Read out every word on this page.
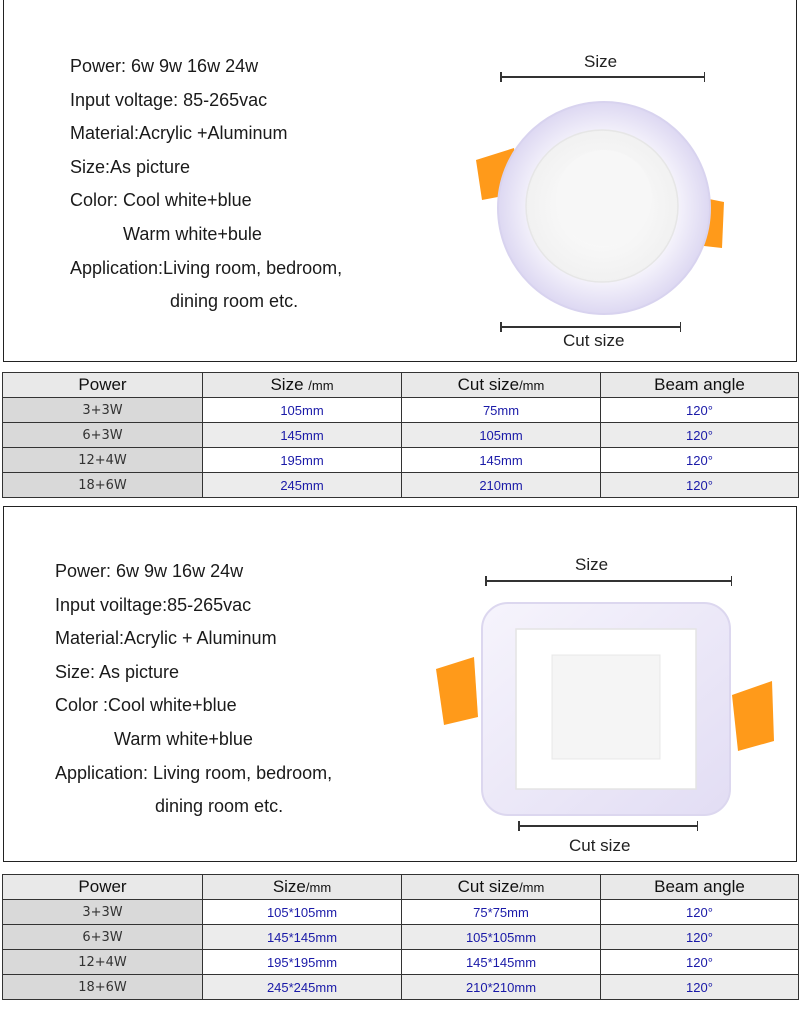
Power: 6w 9w 16w 24w
Input voltage: 85-265vac
Material:Acrylic +Aluminum
Size:As picture
Color: Cool white+blue
Warm white+bule
Application:Living room, bedroom,
dining room etc.
Size
Cut size
Power	Size /mm	Cut size/mm	Beam angle
3+3W	105mm	75mm	120°
6+3W	145mm	105mm	120°
12+4W	195mm	145mm	120°
18+6W	245mm	210mm	120°
Power: 6w 9w 16w 24w
Input voiltage:85-265vac
Material:Acrylic + Aluminum
Size: As picture
Color :Cool white+blue
Warm white+blue
Application: Living room, bedroom,
dining room etc.
Size
Cut size
Power	Size/mm	Cut size/mm	Beam angle
3+3W	105*105mm	75*75mm	120°
6+3W	145*145mm	105*105mm	120°
12+4W	195*195mm	145*145mm	120°
18+6W	245*245mm	210*210mm	120°
